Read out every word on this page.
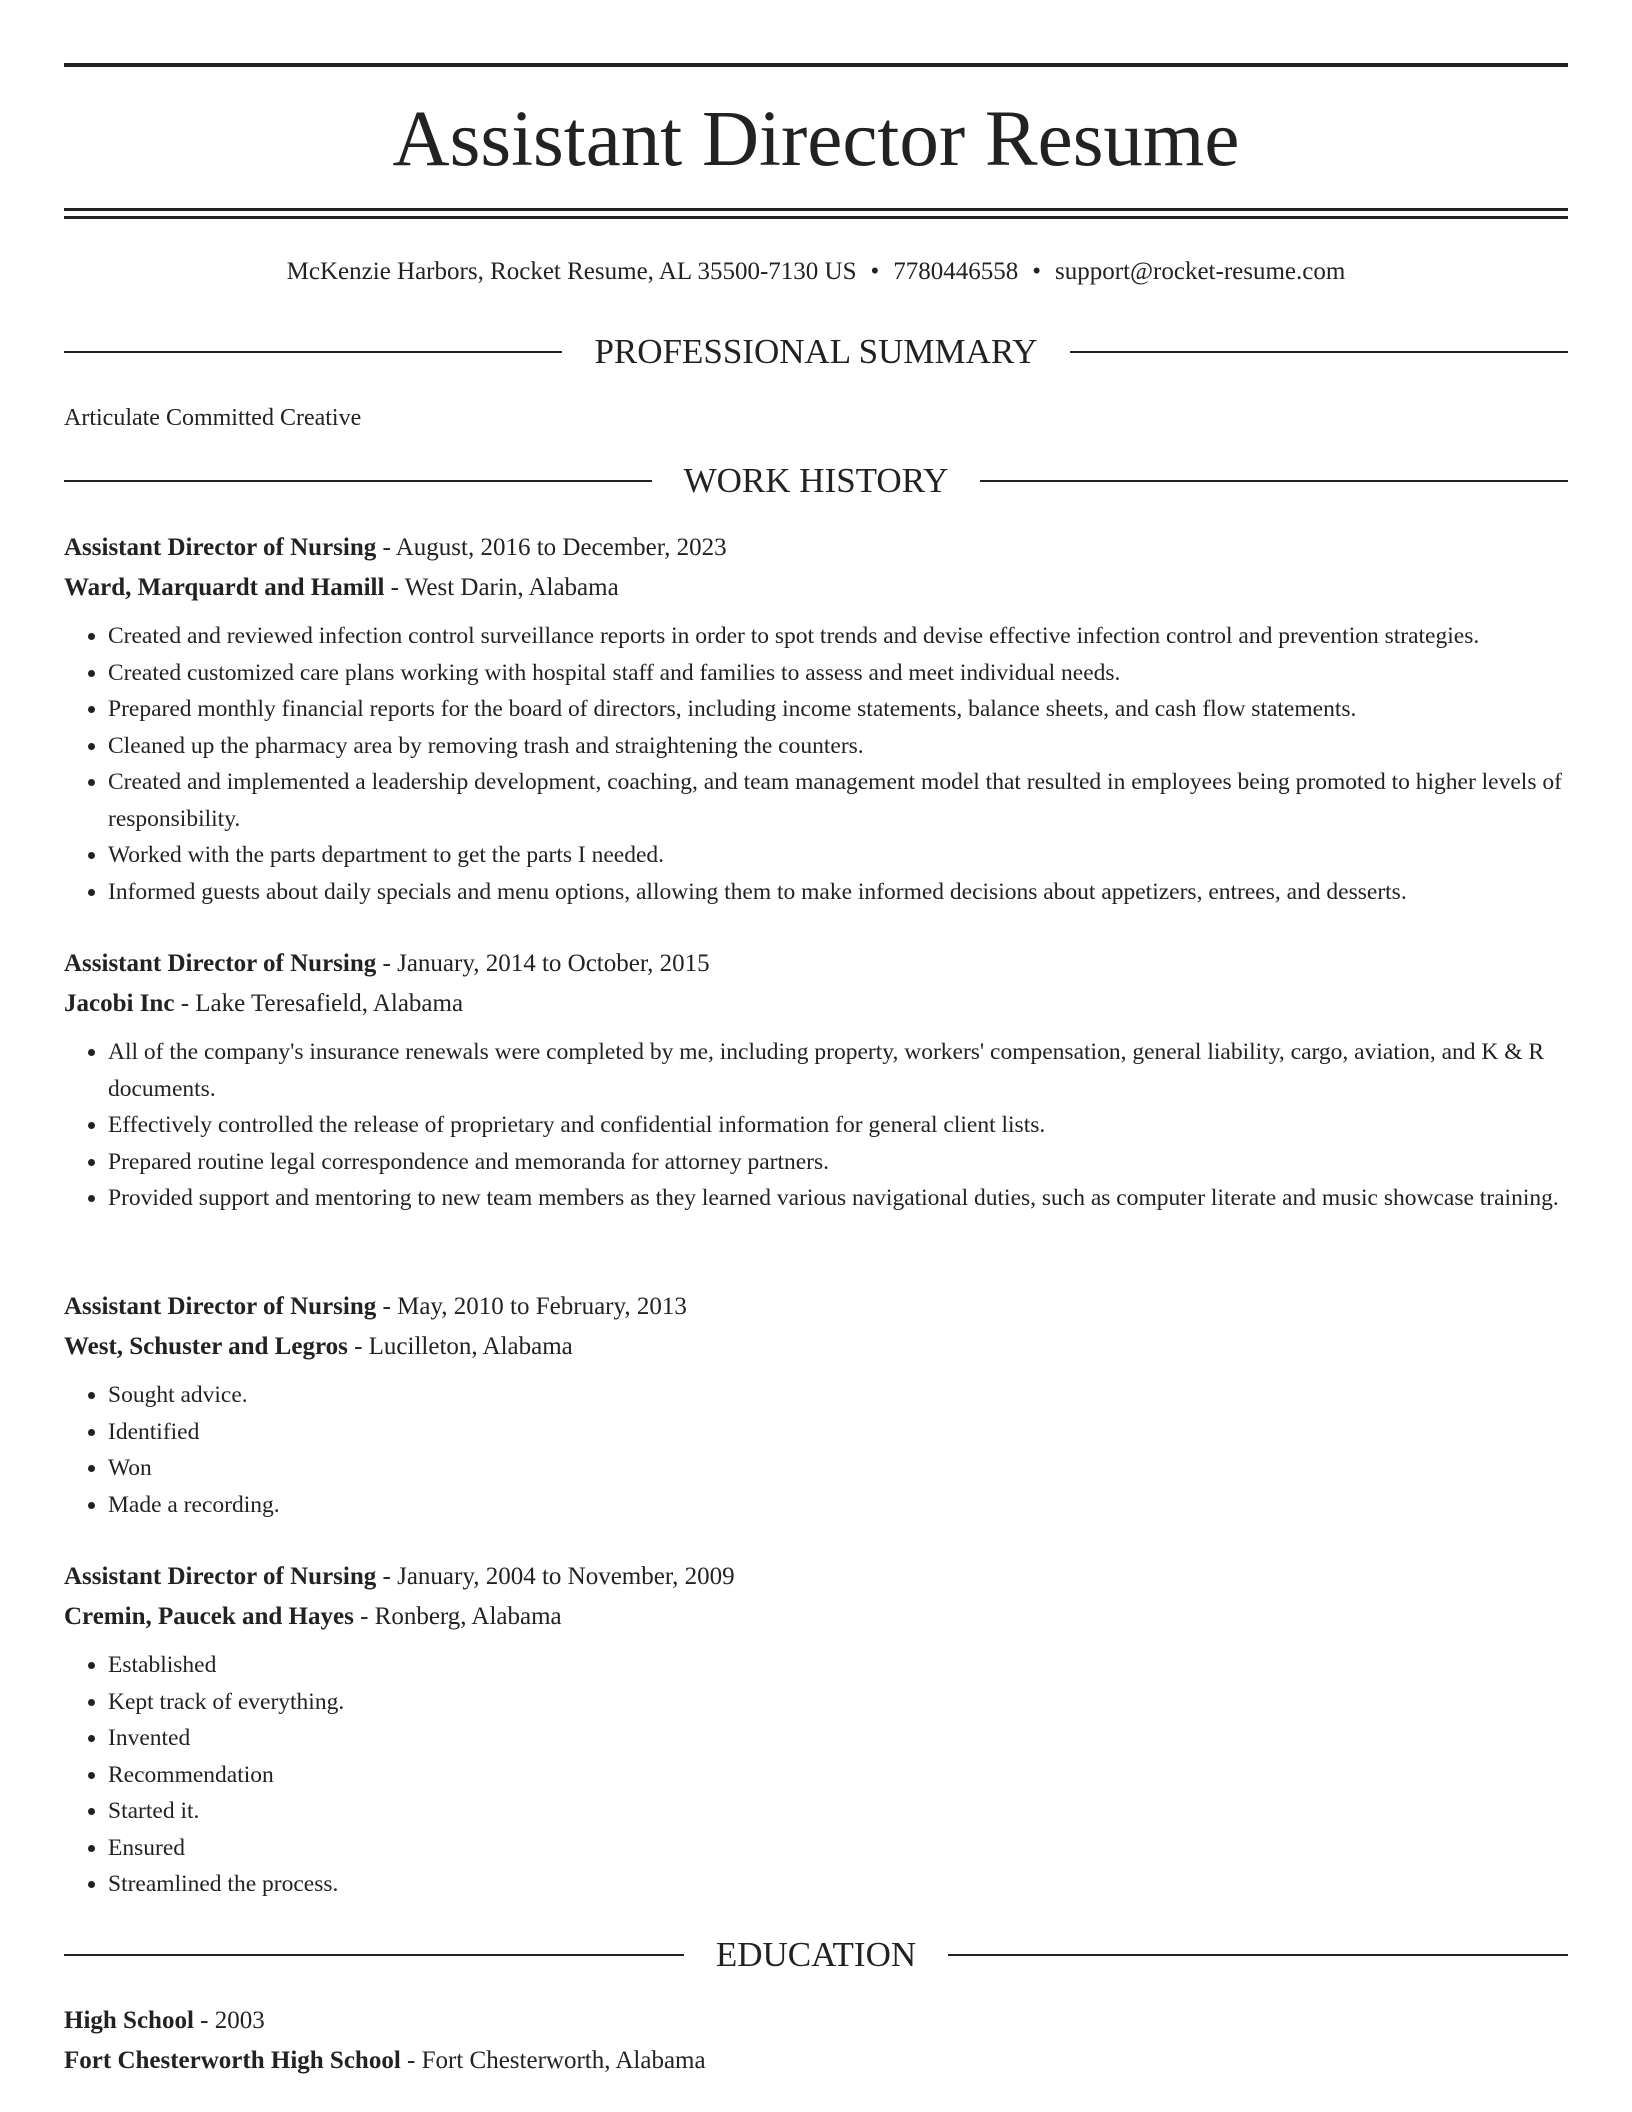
Assistant Director Resume
McKenzie Harbors, Rocket Resume, AL 35500-7130 US • 7780446558 • support@rocket-resume.com
PROFESSIONAL SUMMARY
Articulate Committed Creative
WORK HISTORY

Assistant Director of Nursing - August, 2016 to December, 2023

Ward, Marquardt and Hamill - West Darin, Alabama

• Created and reviewed infection control surveillance reports in order to spot trends and devise effective infection control and prevention strategies.
• Created customized care plans working with hospital staff and families to assess and meet individual needs.
• Prepared monthly financial reports for the board of directors, including income statements, balance sheets, and cash flow statements.
• Cleaned up the pharmacy area by removing trash and straightening the counters.
• Created and implemented a leadership development, coaching, and team management model that resulted in employees being promoted to higher levels of responsibility.
• Worked with the parts department to get the parts I needed.
• Informed guests about daily specials and menu options, allowing them to make informed decisions about appetizers, entrees, and desserts.

Assistant Director of Nursing - January, 2014 to October, 2015

Jacobi Inc - Lake Teresafield, Alabama

• All of the company's insurance renewals were completed by me, including property, workers' compensation, general liability, cargo, aviation, and K & R documents.
• Effectively controlled the release of proprietary and confidential information for general client lists.
• Prepared routine legal correspondence and memoranda for attorney partners.
• Provided support and mentoring to new team members as they learned various navigational duties, such as computer literate and music showcase training.

Assistant Director of Nursing - May, 2010 to February, 2013

West, Schuster and Legros - Lucilleton, Alabama

• Sought advice.
• Identified
• Won
• Made a recording.

Assistant Director of Nursing - January, 2004 to November, 2009

Cremin, Paucek and Hayes - Ronberg, Alabama

• Established
• Kept track of everything.
• Invented
• Recommendation
• Started it.
• Ensured
• Streamlined the process.
EDUCATION

High School - 2003

Fort Chesterworth High School - Fort Chesterworth, Alabama
